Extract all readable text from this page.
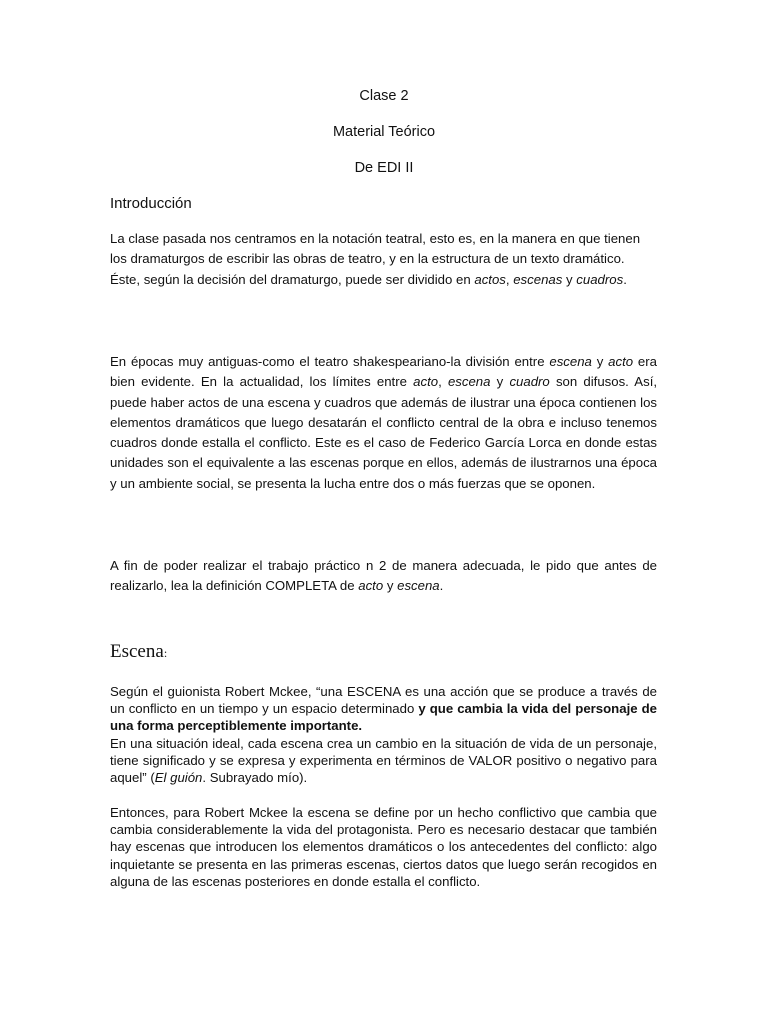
Clase 2
Material Teórico
De EDI II
Introducción

La clase pasada nos centramos en la notación teatral, esto es, en la manera en que tienen los dramaturgos de escribir las obras de teatro, y en la estructura de un texto dramático. Éste, según la decisión del dramaturgo, puede ser dividido en actos, escenas y cuadros.

En épocas muy antiguas-como el teatro shakespeariano-la división entre escena y acto era bien evidente. En la actualidad, los límites entre acto, escena y cuadro son difusos. Así, puede haber actos de una escena y cuadros que además de ilustrar una época contienen los elementos dramáticos que luego desatarán el conflicto central de la obra e incluso tenemos cuadros donde estalla el conflicto. Este es el caso de Federico García Lorca en donde estas unidades son el equivalente a las escenas porque en ellos, además de ilustrarnos una época y un ambiente social, se presenta la lucha entre dos o más fuerzas que se oponen.

A fin de poder realizar el trabajo práctico n 2 de manera adecuada, le pido que antes de realizarlo, lea la definición COMPLETA de acto y escena.

Escena:

Según el guionista Robert Mckee, “una ESCENA es una acción que se produce a través de un conflicto en un tiempo y un espacio determinado y que cambia la vida del personaje de una forma perceptiblemente importante.

En una situación ideal, cada escena crea un cambio en la situación de vida de un personaje, tiene significado y se expresa y experimenta en términos de VALOR positivo o negativo para aquel” (El guión. Subrayado mío).

Entonces, para Robert Mckee la escena se define por un hecho conflictivo que cambia que cambia considerablemente la vida del protagonista. Pero es necesario destacar que también hay escenas que introducen los elementos dramáticos o los antecedentes del conflicto: algo inquietante se presenta en las primeras escenas, ciertos datos que luego serán recogidos en alguna de las escenas posteriores en donde estalla el conflicto.
